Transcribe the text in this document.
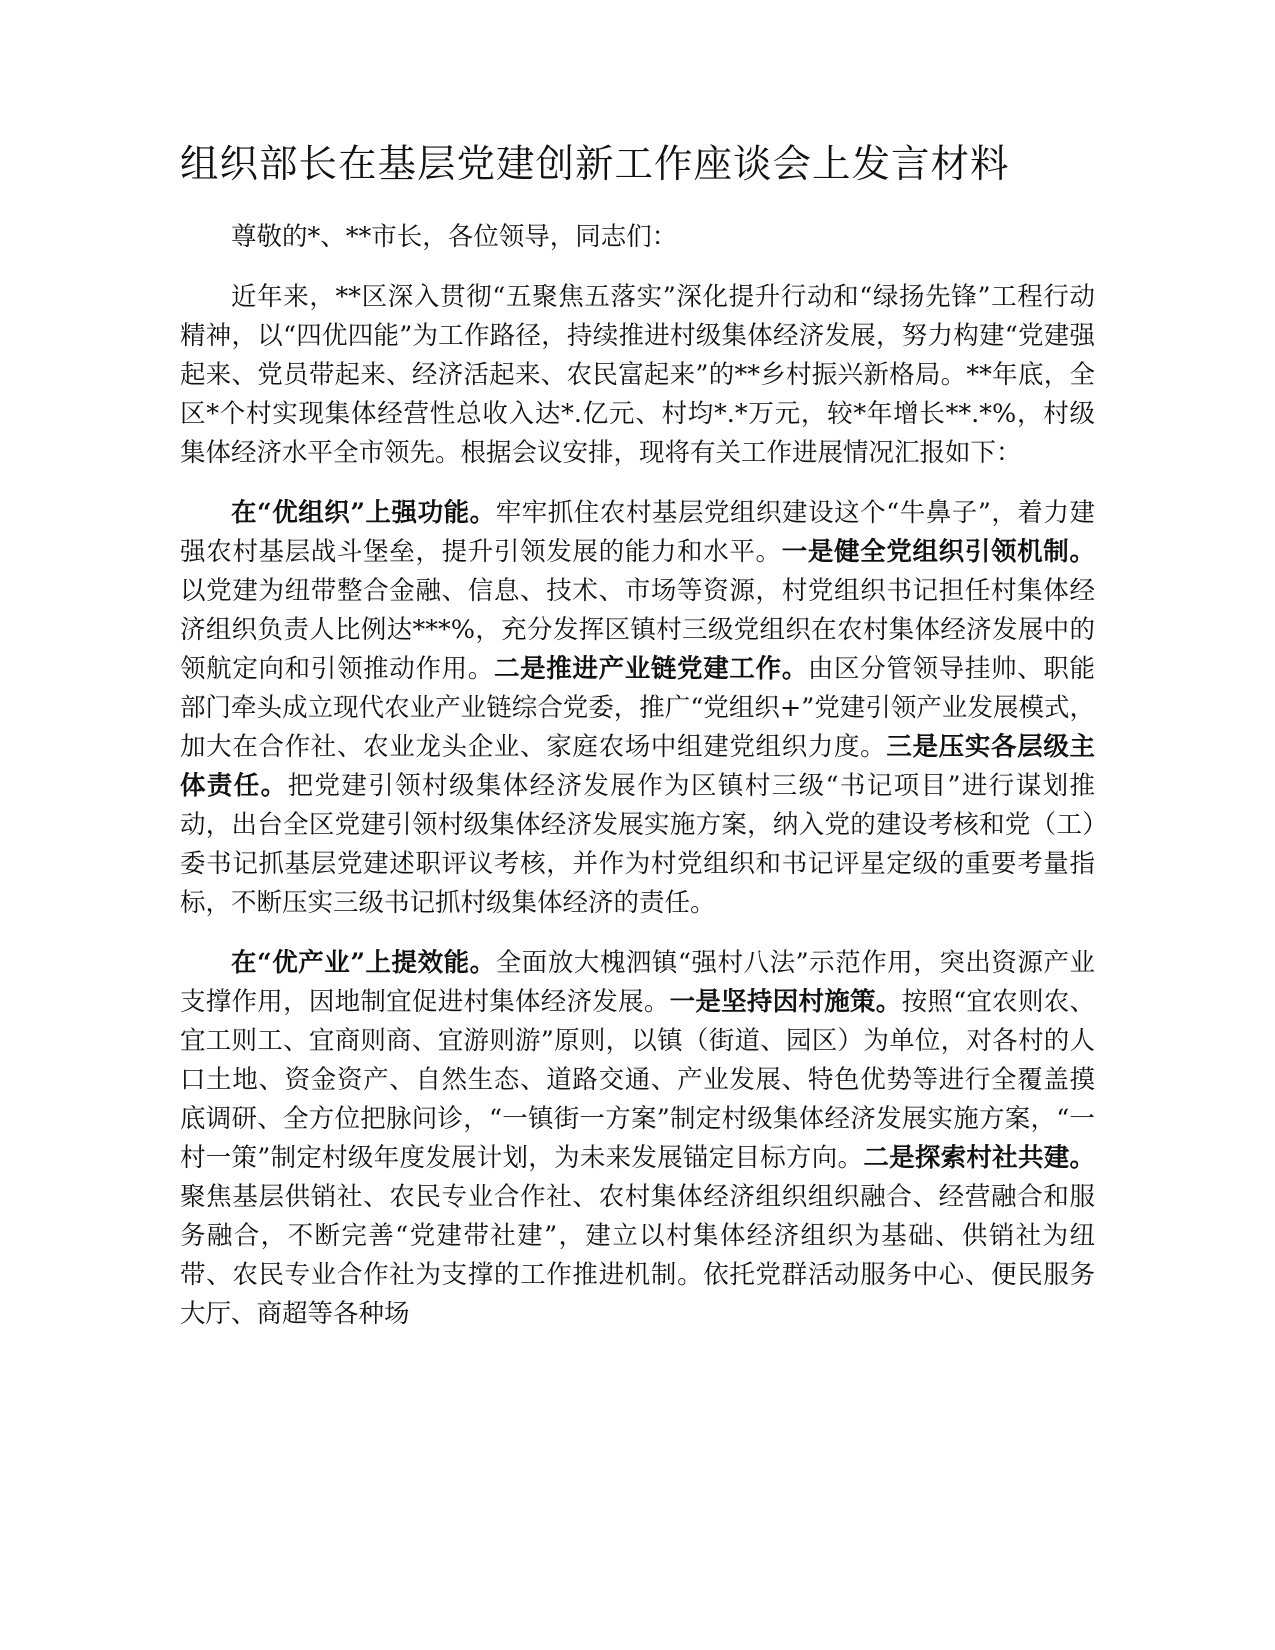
组织部长在基层党建创新工作座谈会上发言材料

尊敬的*、**市长，各位领导，同志们：

近年来，**区深入贯彻“五聚焦五落实”深化提升行动和“绿扬先锋”工程行动精神，以“四优四能”为工作路径，持续推进村级集体经济发展，努力构建“党建强起来、党员带起来、经济活起来、农民富起来”的**乡村振兴新格局。**年底，全区*个村实现集体经营性总收入达*.亿元、村均*.*万元，较*年增长**.*%，村级集体经济水平全市领先。根据会议安排，现将有关工作进展情况汇报如下：

在“优组织”上强功能。牢牢抓住农村基层党组织建设这个“牛鼻子”，着力建强农村基层战斗堡垒，提升引领发展的能力和水平。一是健全党组织引领机制。以党建为纽带整合金融、信息、技术、市场等资源，村党组织书记担任村集体经济组织负责人比例达***%，充分发挥区镇村三级党组织在农村集体经济发展中的领航定向和引领推动作用。二是推进产业链党建工作。由区分管领导挂帅、职能部门牵头成立现代农业产业链综合党委，推广“党组织+”党建引领产业发展模式，加大在合作社、农业龙头企业、家庭农场中组建党组织力度。三是压实各层级主体责任。把党建引领村级集体经济发展作为区镇村三级“书记项目”进行谋划推动，出台全区党建引领村级集体经济发展实施方案，纳入党的建设考核和党（工）委书记抓基层党建述职评议考核，并作为村党组织和书记评星定级的重要考量指标，不断压实三级书记抓村级集体经济的责任。

在“优产业”上提效能。全面放大槐泗镇“强村八法”示范作用，突出资源产业支撑作用，因地制宜促进村集体经济发展。一是坚持因村施策。按照“宜农则农、宜工则工、宜商则商、宜游则游”原则，以镇（街道、园区）为单位，对各村的人口土地、资金资产、自然生态、道路交通、产业发展、特色优势等进行全覆盖摸底调研、全方位把脉问诊，“一镇街一方案”制定村级集体经济发展实施方案，“一村一策”制定村级年度发展计划，为未来发展锚定目标方向。二是探索村社共建。聚焦基层供销社、农民专业合作社、农村集体经济组织组织融合、经营融合和服务融合，不断完善“党建带社建”，建立以村集体经济组织为基础、供销社为纽带、农民专业合作社为支撑的工作推进机制。依托党群活动服务中心、便民服务大厅、商超等各种场
